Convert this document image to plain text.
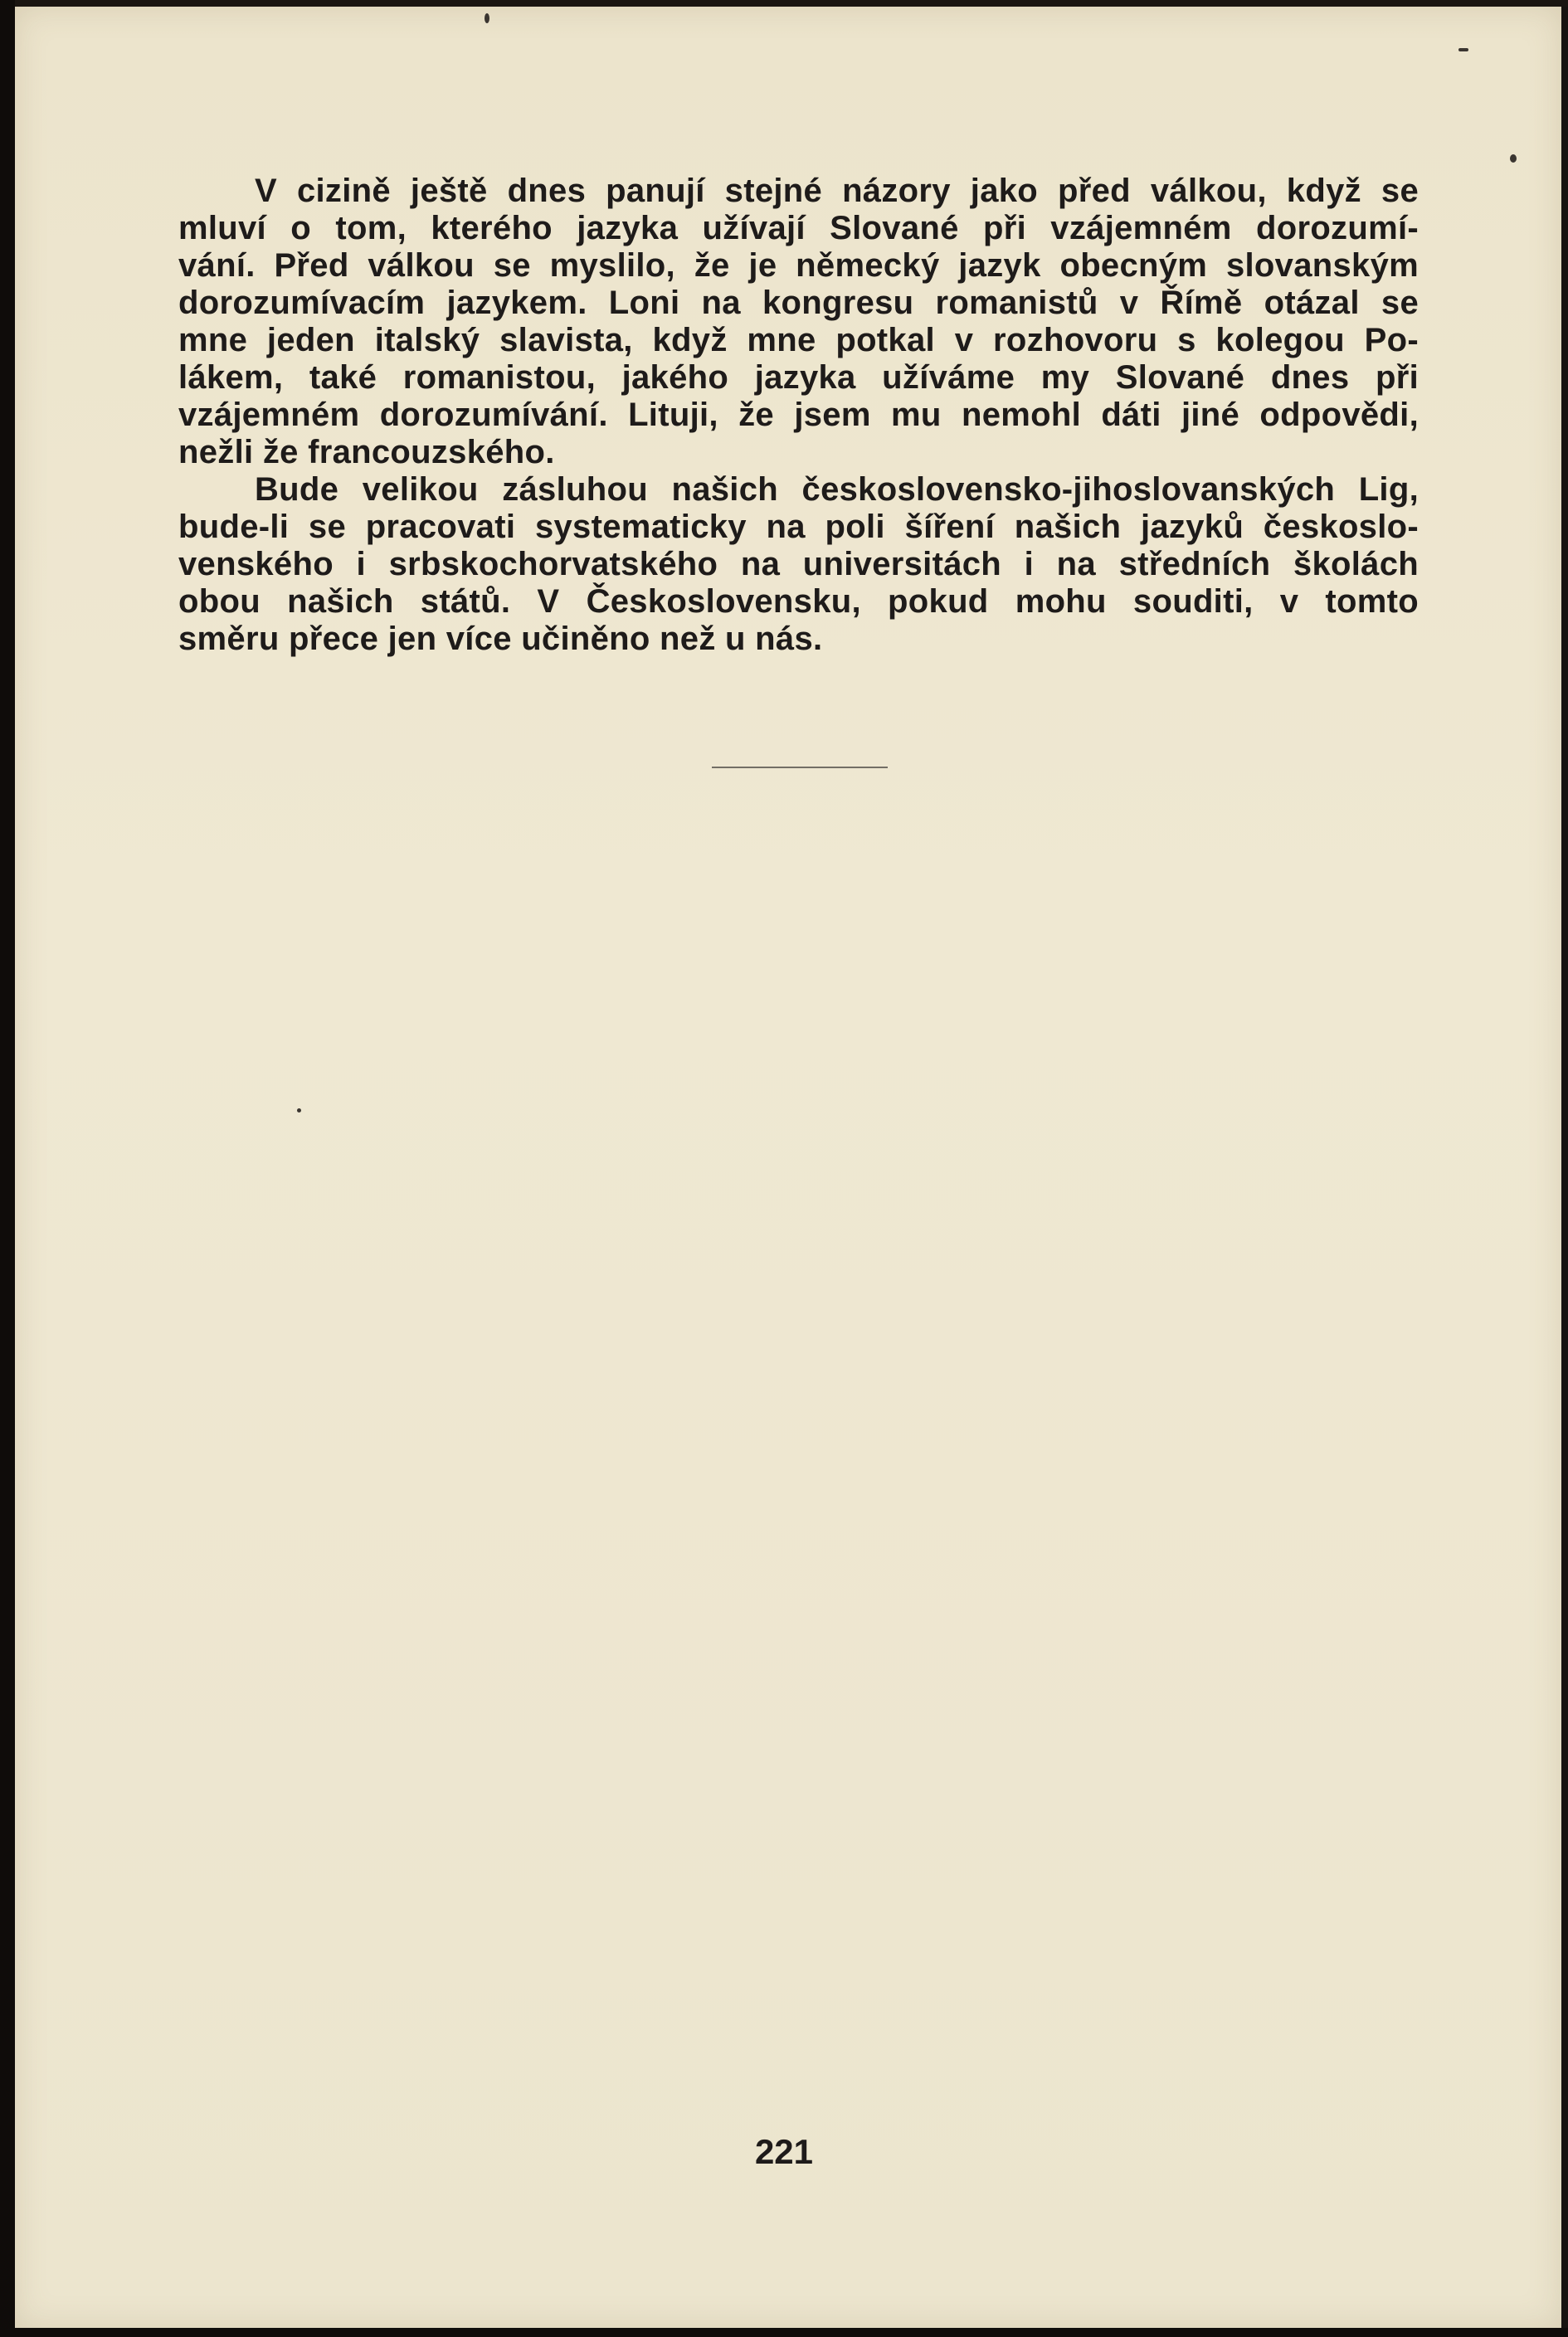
V cizině ještě dnes panují stejné názory jako před válkou, když se
mluví o tom, kterého jazyka užívají Slované při vzájemném dorozumí-
vání. Před válkou se myslilo, že je německý jazyk obecným slovanským
dorozumívacím jazykem. Loni na kongresu romanistů v Římě otázal se
mne jeden italský slavista, když mne potkal v rozhovoru s kolegou Po-
lákem, také romanistou, jakého jazyka užíváme my Slované dnes při
vzájemném dorozumívání. Lituji, že jsem mu nemohl dáti jiné odpovědi,
nežli že francouzského.
Bude velikou zásluhou našich československo-jihoslovanských Lig,
bude-li se pracovati systematicky na poli šíření našich jazyků českoslo-
venského i srbskochorvatského na universitách i na středních školách
obou našich států. V Československu, pokud mohu souditi, v tomto
směru přece jen více učiněno než u nás.
221
